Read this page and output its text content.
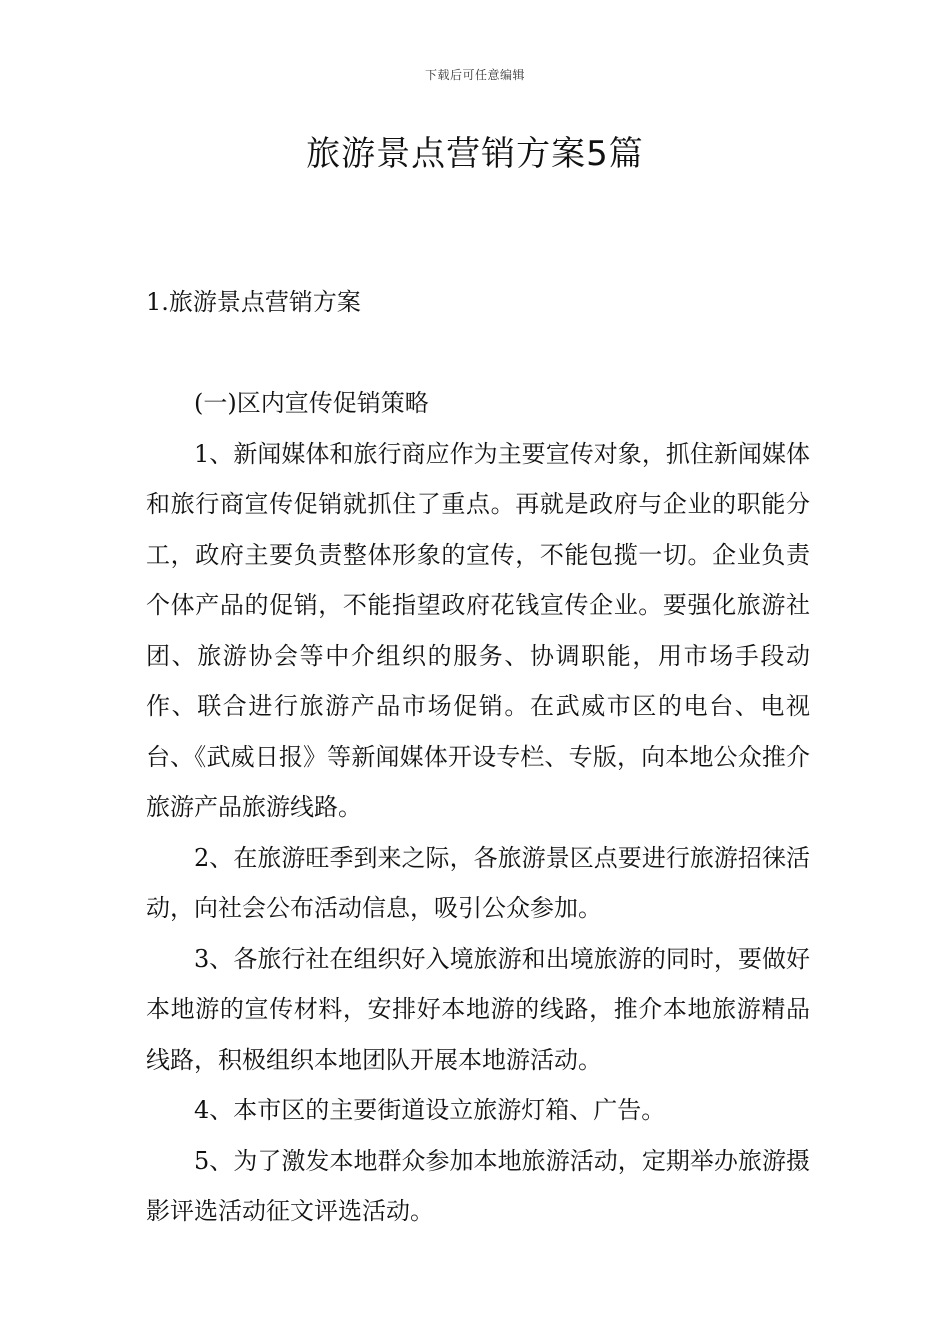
下载后可任意编辑
旅游景点营销方案5篇
1.旅游景点营销方案

(一)区内宣传促销策略

1、新闻媒体和旅行商应作为主要宣传对象，抓住新闻媒体和旅行商宣传促销就抓住了重点。再就是政府与企业的职能分工，政府主要负责整体形象的宣传，不能包揽一切。企业负责个体产品的促销，不能指望政府花钱宣传企业。要强化旅游社团、旅游协会等中介组织的服务、协调职能，用市场手段动作、联合进行旅游产品市场促销。在武威市区的电台、电视台、《武威日报》等新闻媒体开设专栏、专版，向本地公众推介旅游产品旅游线路。

2、在旅游旺季到来之际，各旅游景区点要进行旅游招徕活动，向社会公布活动信息，吸引公众参加。

3、各旅行社在组织好入境旅游和出境旅游的同时，要做好本地游的宣传材料，安排好本地游的线路，推介本地旅游精品线路，积极组织本地团队开展本地游活动。

4、本市区的主要街道设立旅游灯箱、广告。

5、为了激发本地群众参加本地旅游活动，定期举办旅游摄影评选活动征文评选活动。
